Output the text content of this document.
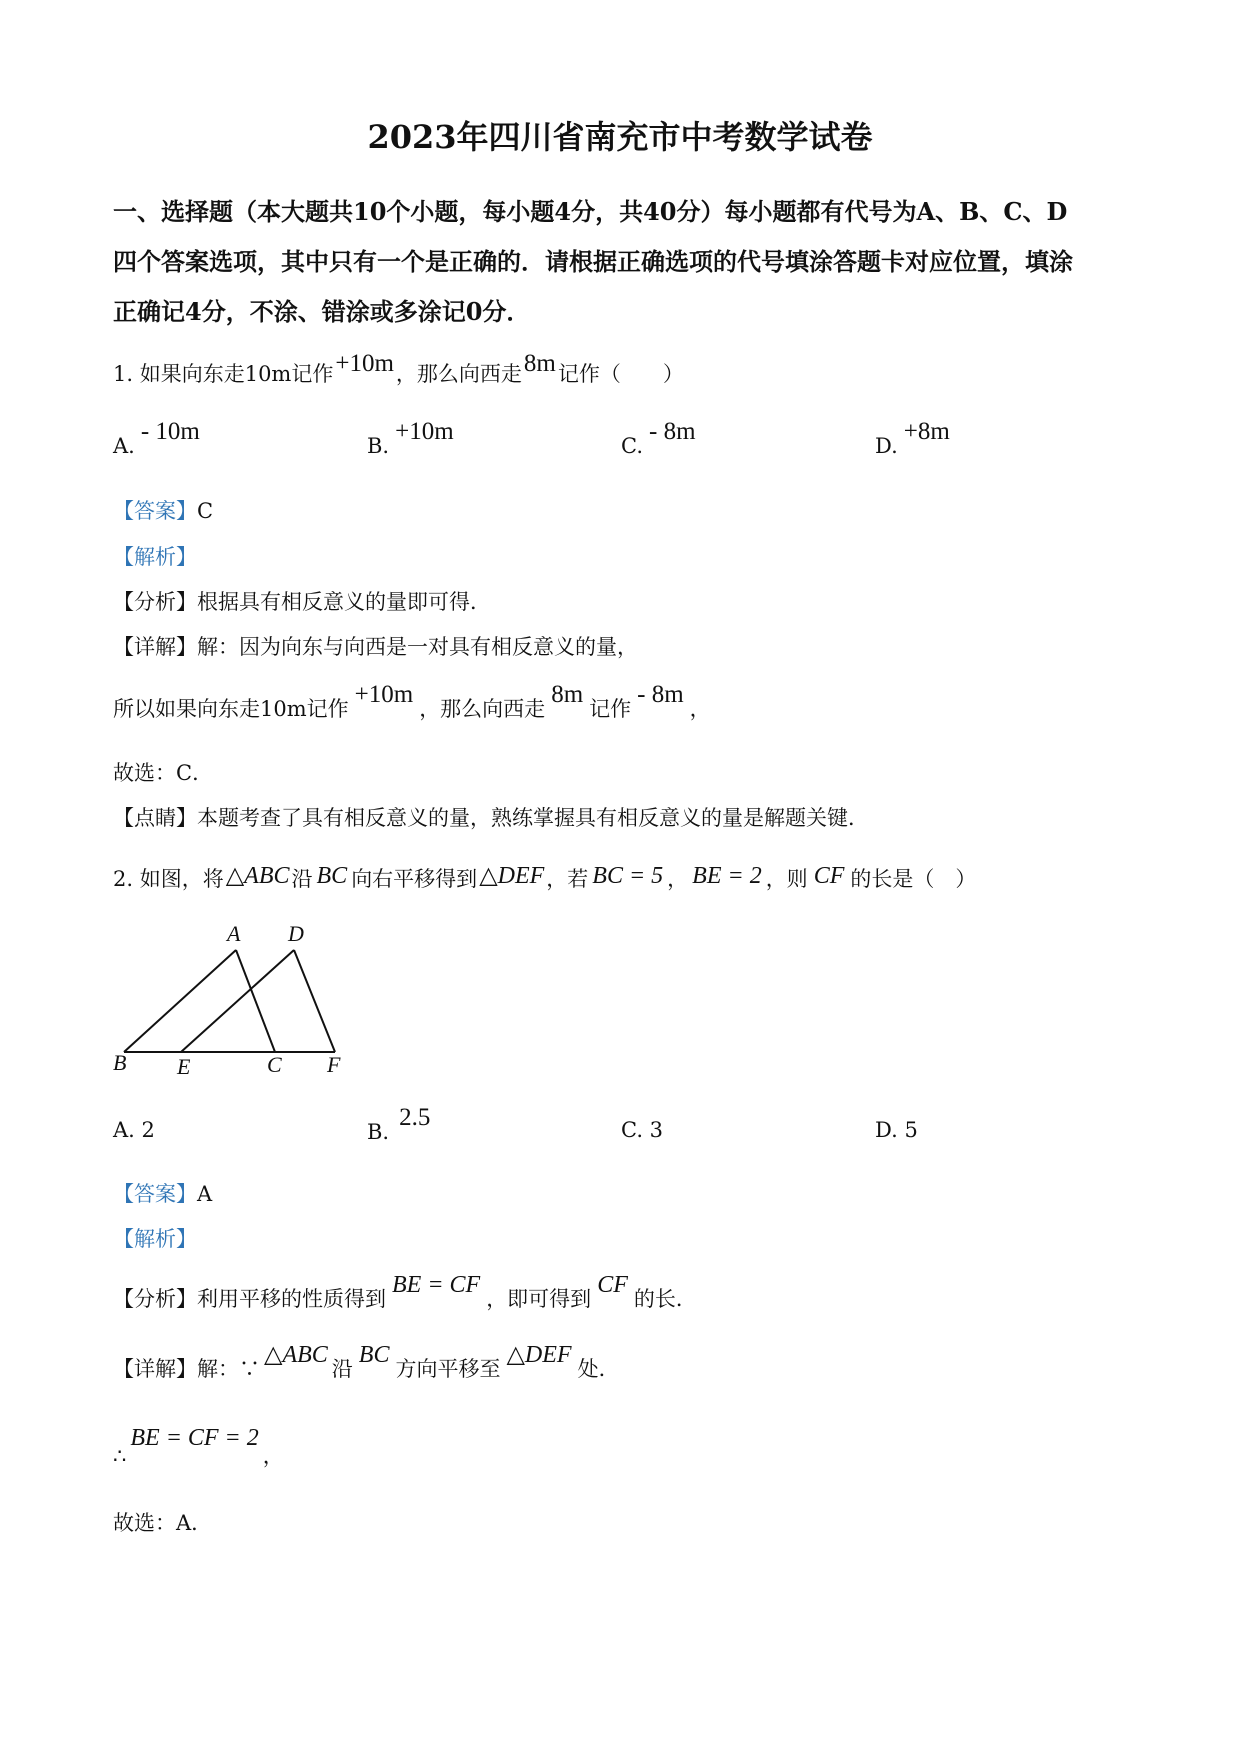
2023年四川省南充市中考数学试卷
一、选择题（本大题共10个小题，每小题4分，共40分）每小题都有代号为A、B、C、D
四个答案选项，其中只有一个是正确的．请根据正确选项的代号填涂答题卡对应位置，填涂
正确记4分，不涂、错涂或多涂记0分．
1. 如果向东走10m记作+10m，那么向西走8m记作（　　）
A.- 10m
B.+10m
C.- 8m
D.+8m
【答案】C
【解析】
【分析】根据具有相反意义的量即可得．
【详解】解：因为向东与向西是一对具有相反意义的量，
所以如果向东走10m记作+10m，那么向西走8m记作- 8m，
故选：C．
【点睛】本题考查了具有相反意义的量，熟练掌握具有相反意义的量是解题关键．
2. 如图，将△ABC沿 BC 向右平移得到△DEF，若 BC = 5 ， BE = 2 ，则 CF 的长是（　）
A D
B E	C F
A. 2	B.2.5	C. 3	D. 5
【答案】A
【解析】
【分析】利用平移的性质得到BE = CF，即可得到CF的长．
【详解】解：∵△ABC沿BC方向平移至△DEF处．
∴BE = CF = 2，
故选：A．
